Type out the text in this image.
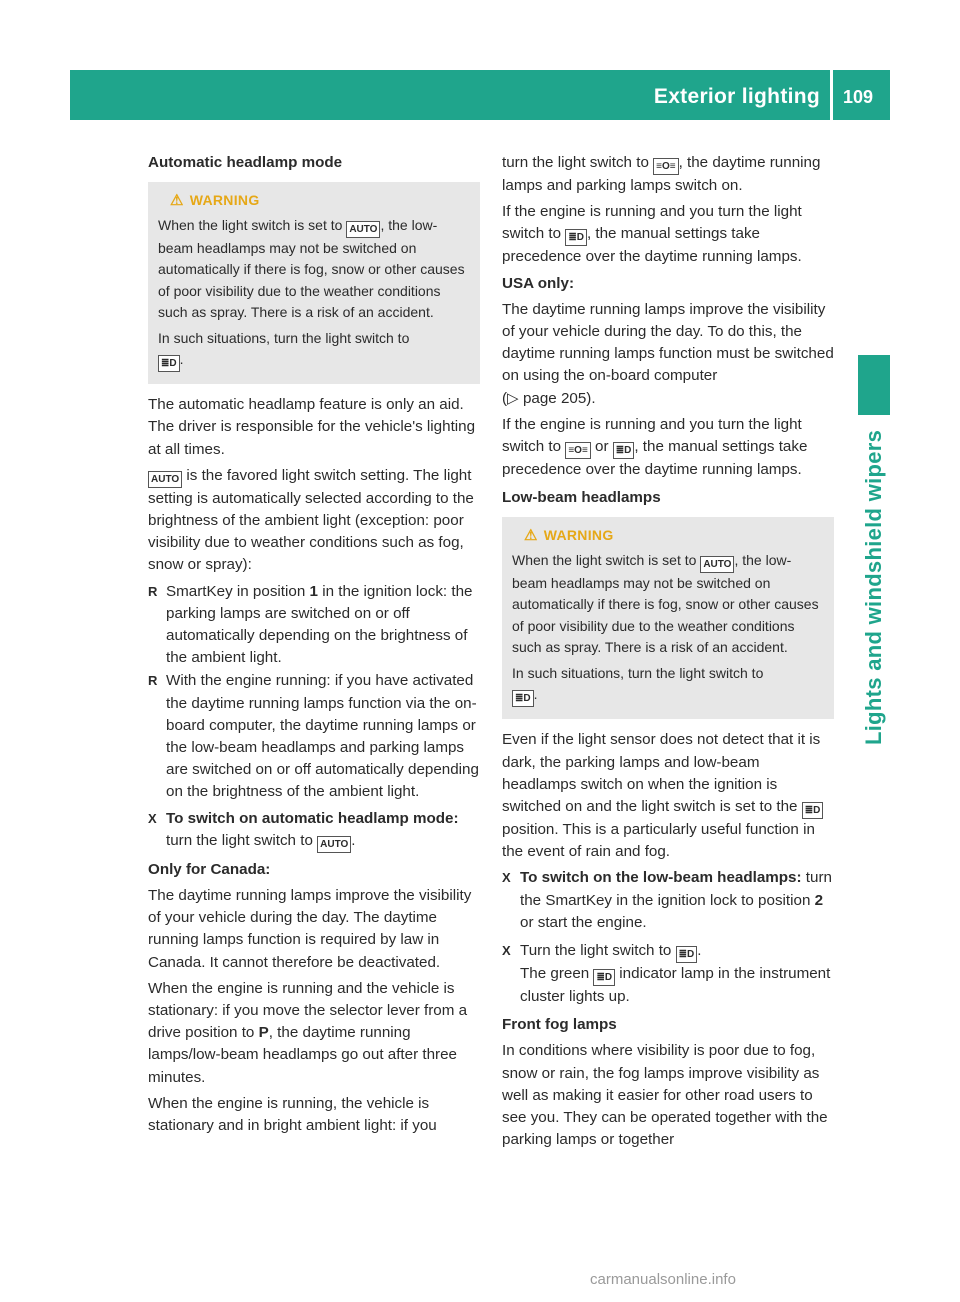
Exterior lighting 109
Lights and windshield wipers

Automatic headlamp mode

⚠ WARNING

When the light switch is set to AUTO , the low-beam headlamps may not be switched on automatically if there is fog, snow or other causes of poor visibility due to the weather conditions such as spray. There is a risk of an accident.

In such situations, turn the light switch to
≣D .

The automatic headlamp feature is only an aid. The driver is responsible for the vehicle's lighting at all times.

AUTO is the favored light switch setting. The light setting is automatically selected according to the brightness of the ambient light (exception: poor visibility due to weather conditions such as fog, snow or spray):

R SmartKey in position 1 in the ignition lock: the parking lamps are switched on or off automatically depending on the brightness of the ambient light.
R With the engine running: if you have activated the daytime running lamps function via the on-board computer, the daytime running lamps or the low-beam headlamps and parking lamps are switched on or off automatically depending on the brightness of the ambient light.
X To switch on automatic headlamp mode: turn the light switch to AUTO .

Only for Canada:

The daytime running lamps improve the visibility of your vehicle during the day. The daytime running lamps function is required by law in Canada. It cannot therefore be deactivated.

When the engine is running and the vehicle is stationary: if you move the selector lever from a drive position to P, the daytime running lamps/low-beam headlamps go out after three minutes.

When the engine is running, the vehicle is stationary and in bright ambient light: if you

turn the light switch to ≡O≡ , the daytime running lamps and parking lamps switch on.

If the engine is running and you turn the light switch to ≣D , the manual settings take precedence over the daytime running lamps.

USA only:

The daytime running lamps improve the visibility of your vehicle during the day. To do this, the daytime running lamps function must be switched on using the on-board computer
(▷ page 205).

If the engine is running and you turn the light switch to ≡O≡ or ≣D , the manual settings take precedence over the daytime running lamps.

Low-beam headlamps

⚠ WARNING

When the light switch is set to AUTO , the low-beam headlamps may not be switched on automatically if there is fog, snow or other causes of poor visibility due to the weather conditions such as spray. There is a risk of an accident.

In such situations, turn the light switch to
≣D .

Even if the light sensor does not detect that it is dark, the parking lamps and low-beam headlamps switch on when the ignition is switched on and the light switch is set to the ≣D position. This is a particularly useful function in the event of rain and fog.

X To switch on the low-beam headlamps: turn the SmartKey in the ignition lock to position 2 or start the engine.
X Turn the light switch to ≣D .
The green ≣D indicator lamp in the instrument cluster lights up.

Front fog lamps

In conditions where visibility is poor due to fog, snow or rain, the fog lamps improve visibility as well as making it easier for other road users to see you. They can be operated together with the parking lamps or together

carmanualsonline.info
